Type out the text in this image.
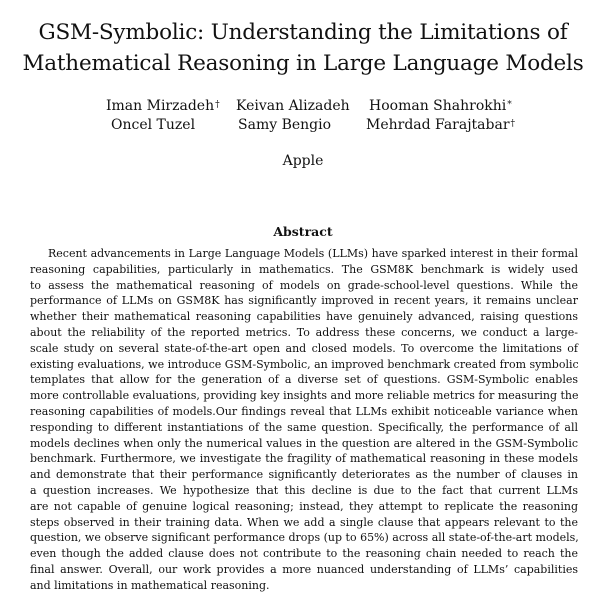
GSM-Symbolic: Understanding the Limitations of
Mathematical Reasoning in Large Language Models
Iman Mirzadeh† Keivan Alizadeh Hooman Shahrokhi*
Oncel Tuzel	Samy Bengio Mehrdad Farajtabar†
Apple
Abstract
Recent advancements in Large Language Models (LLMs) have sparked interest in their formal
reasoning capabilities, particularly in mathematics. The GSM8K benchmark is widely used
to assess the mathematical reasoning of models on grade-school-level questions. While the
performance of LLMs on GSM8K has significantly improved in recent years, it remains unclear
whether their mathematical reasoning capabilities have genuinely advanced, raising questions
about the reliability of the reported metrics. To address these concerns, we conduct a large-
scale study on several state-of-the-art open and closed models. To overcome the limitations of
existing evaluations, we introduce GSM-Symbolic, an improved benchmark created from symbolic
templates that allow for the generation of a diverse set of questions. GSM-Symbolic enables
more controllable evaluations, providing key insights and more reliable metrics for measuring the
reasoning capabilities of models.Our findings reveal that LLMs exhibit noticeable variance when
responding to different instantiations of the same question. Specifically, the performance of all
models declines when only the numerical values in the question are altered in the GSM-Symbolic
benchmark. Furthermore, we investigate the fragility of mathematical reasoning in these models
and demonstrate that their performance significantly deteriorates as the number of clauses in
a question increases. We hypothesize that this decline is due to the fact that current LLMs
are not capable of genuine logical reasoning; instead, they attempt to replicate the reasoning
steps observed in their training data. When we add a single clause that appears relevant to the
question, we observe significant performance drops (up to 65%) across all state-of-the-art models,
even though the added clause does not contribute to the reasoning chain needed to reach the
final answer. Overall, our work provides a more nuanced understanding of LLMs’ capabilities
and limitations in mathematical reasoning.
